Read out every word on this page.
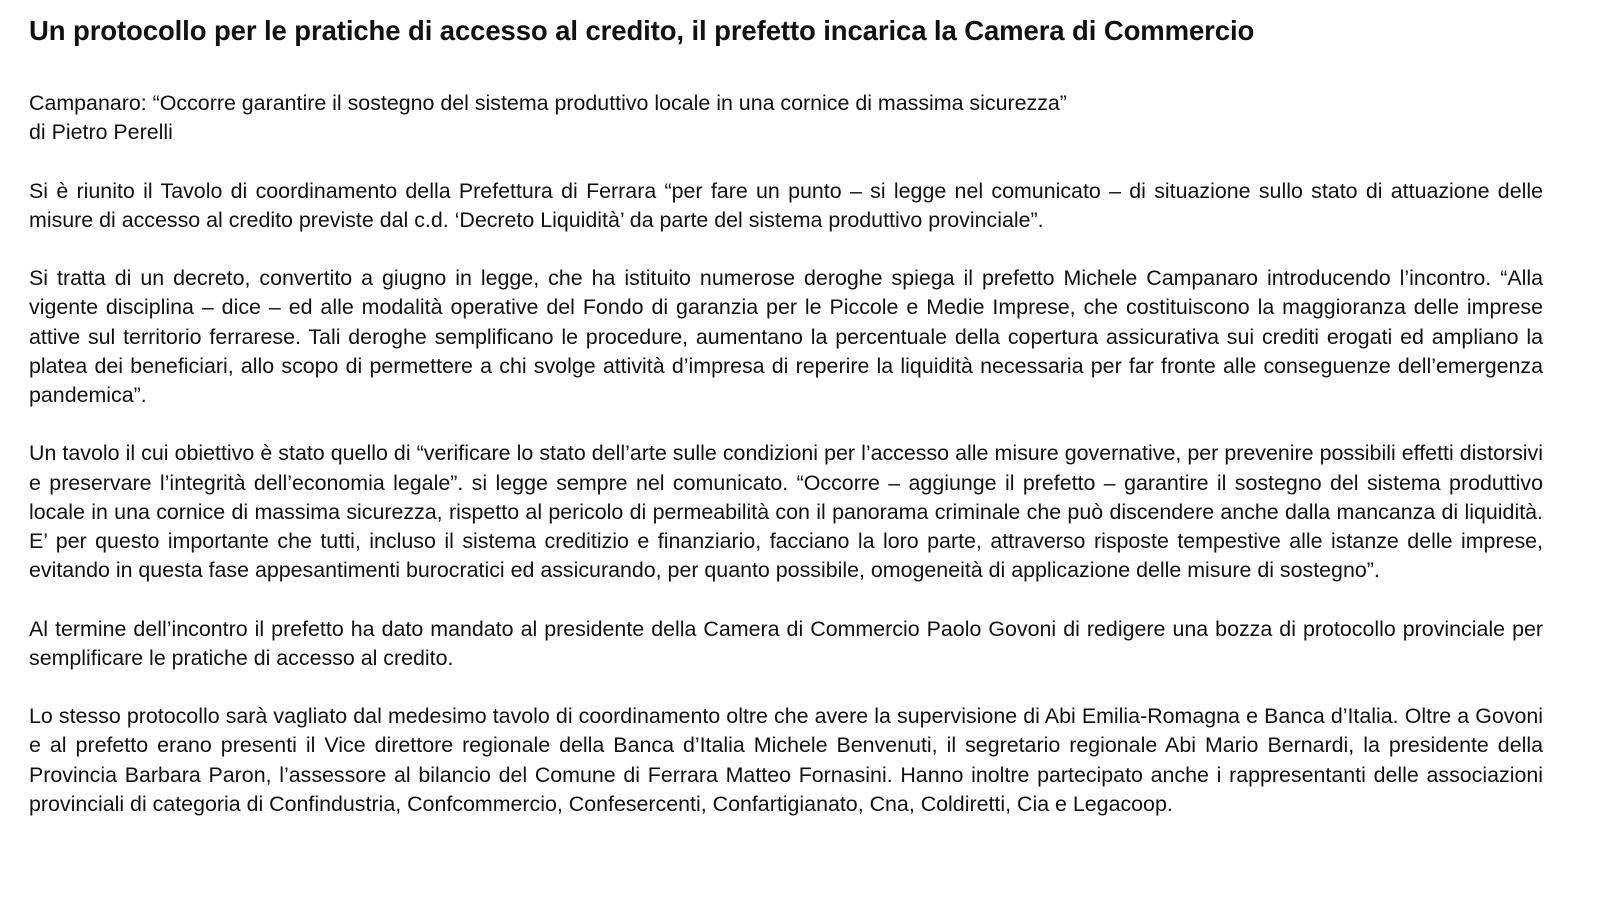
Un protocollo per le pratiche di accesso al credito, il prefetto incarica la Camera di Commercio

Campanaro: “Occorre garantire il sostegno del sistema produttivo locale in una cornice di massima sicurezza”
di Pietro Perelli

Si è riunito il Tavolo di coordinamento della Prefettura di Ferrara “per fare un punto – si legge nel comunicato – di situazione sullo stato di attuazione delle misure di accesso al credito previste dal c.d. ‘Decreto Liquidità’ da parte del sistema produttivo provinciale”.

Si tratta di un decreto, convertito a giugno in legge, che ha istituito numerose deroghe spiega il prefetto Michele Campanaro introducendo l’incontro. “Alla vigente disciplina – dice – ed alle modalità operative del Fondo di garanzia per le Piccole e Medie Imprese, che costituiscono la maggioranza delle imprese attive sul territorio ferrarese. Tali deroghe semplificano le procedure, aumentano la percentuale della copertura assicurativa sui crediti erogati ed ampliano la platea dei beneficiari, allo scopo di permettere a chi svolge attività d’impresa di reperire la liquidità necessaria per far fronte alle conseguenze dell’emergenza pandemica”.

Un tavolo il cui obiettivo è stato quello di “verificare lo stato dell’arte sulle condizioni per l’accesso alle misure governative, per prevenire possibili effetti distorsivi e preservare l’integrità dell’economia legale”. si legge sempre nel comunicato. “Occorre – aggiunge il prefetto – garantire il sostegno del sistema produttivo locale in una cornice di massima sicurezza, rispetto al pericolo di permeabilità con il panorama criminale che può discendere anche dalla mancanza di liquidità. E’ per questo importante che tutti, incluso il sistema creditizio e finanziario, facciano la loro parte, attraverso risposte tempestive alle istanze delle imprese, evitando in questa fase appesantimenti burocratici ed assicurando, per quanto possibile, omogeneità di applicazione delle misure di sostegno”.

Al termine dell’incontro il prefetto ha dato mandato al presidente della Camera di Commercio Paolo Govoni di redigere una bozza di protocollo provinciale per semplificare le pratiche di accesso al credito.

Lo stesso protocollo sarà vagliato dal medesimo tavolo di coordinamento oltre che avere la supervisione di Abi Emilia-Romagna e Banca d’Italia. Oltre a Govoni e al prefetto erano presenti il Vice direttore regionale della Banca d’Italia Michele Benvenuti, il segretario regionale Abi Mario Bernardi, la presidente della Provincia Barbara Paron, l’assessore al bilancio del Comune di Ferrara Matteo Fornasini. Hanno inoltre partecipato anche i rappresentanti delle associazioni provinciali di categoria di Confindustria, Confcommercio, Confesercenti, Confartigianato, Cna, Coldiretti, Cia e Legacoop.
